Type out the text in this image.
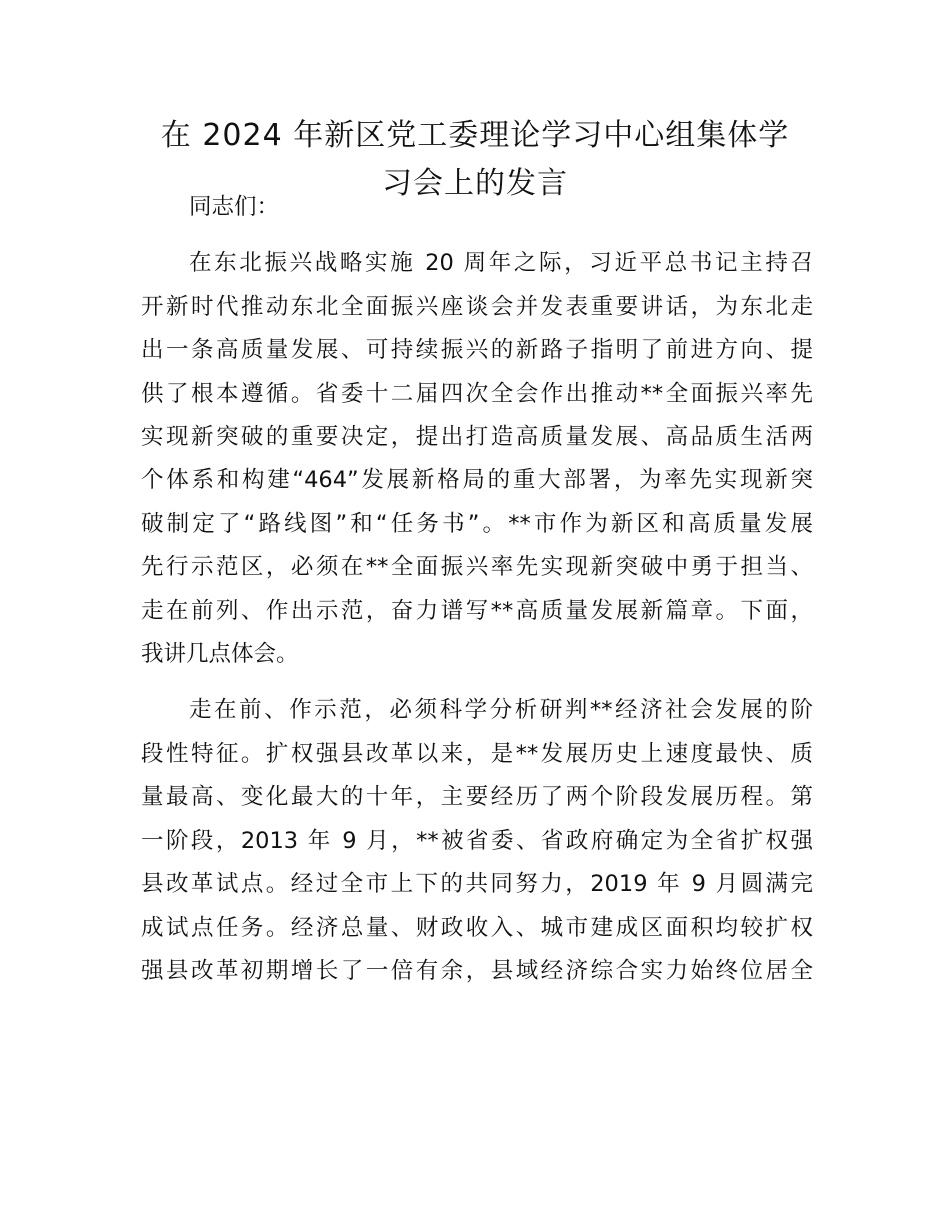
在 2024 年新区党工委理论学习中心组集体学
习会上的发言

同志们：

在东北振兴战略实施 20 周年之际，习近平总书记主持召
开新时代推动东北全面振兴座谈会并发表重要讲话，为东北走
出一条高质量发展、可持续振兴的新路子指明了前进方向、提
供了根本遵循。省委十二届四次全会作出推动**全面振兴率先
实现新突破的重要决定，提出打造高质量发展、高品质生活两
个体系和构建“464”发展新格局的重大部署，为率先实现新突
破制定了“路线图”和“任务书”。**市作为新区和高质量发展
先行示范区，必须在**全面振兴率先实现新突破中勇于担当、
走在前列、作出示范，奋力谱写**高质量发展新篇章。下面，
我讲几点体会。

走在前、作示范，必须科学分析研判**经济社会发展的阶
段性特征。扩权强县改革以来，是**发展历史上速度最快、质
量最高、变化最大的十年，主要经历了两个阶段发展历程。第
一阶段，2013 年 9 月，**被省委、省政府确定为全省扩权强
县改革试点。经过全市上下的共同努力，2019 年 9 月圆满完
成试点任务。经济总量、财政收入、城市建成区面积均较扩权
强县改革初期增长了一倍有余，县域经济综合实力始终位居全
